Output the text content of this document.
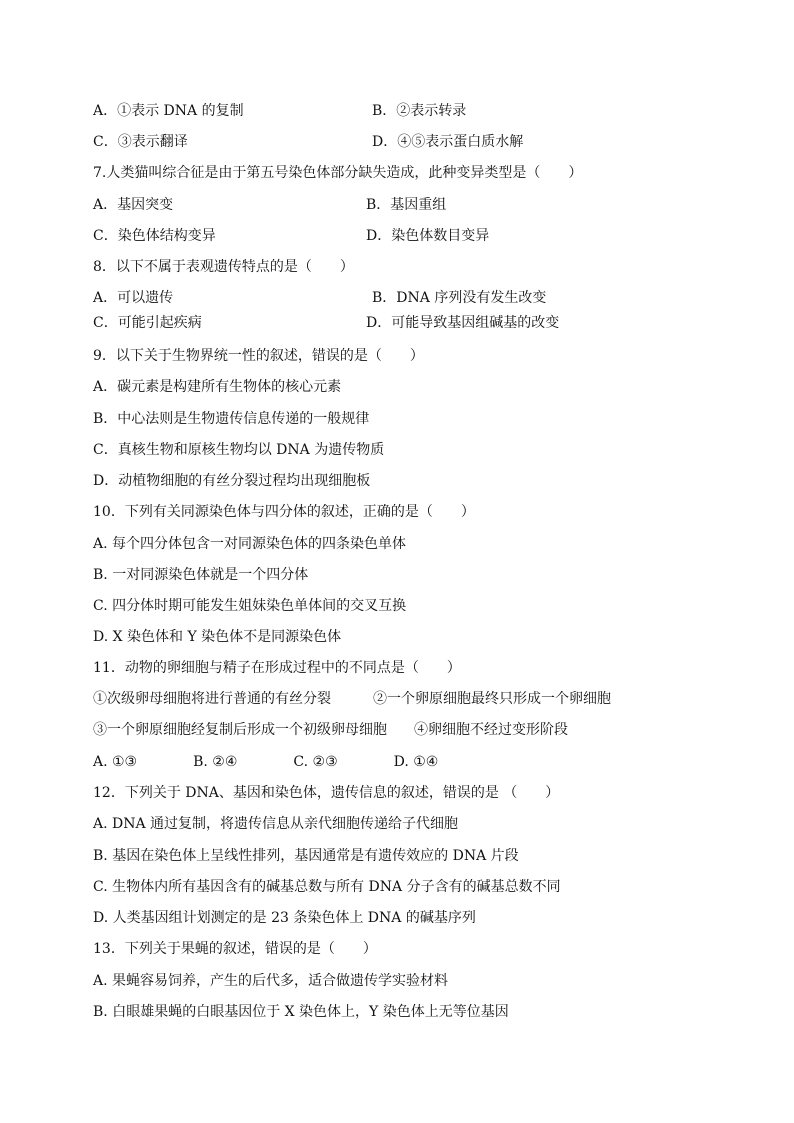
A．①表示 DNA 的复制	B．②表示转录
C．③表示翻译	D．④⑤表示蛋白质水解
7.人类猫叫综合征是由于第五号染色体部分缺失造成，此种变异类型是（　　）
A．基因突变	B．基因重组
C．染色体结构变异	D．染色体数目变异
8．以下不属于表观遗传特点的是（　　）
A．可以遗传	B．DNA 序列没有发生改变
C．可能引起疾病	D．可能导致基因组碱基的改变
9．以下关于生物界统一性的叙述，错误的是（　　）
A．碳元素是构建所有生物体的核心元素
B．中心法则是生物遗传信息传递的一般规律
C．真核生物和原核生物均以 DNA 为遗传物质
D．动植物细胞的有丝分裂过程均出现细胞板
10．下列有关同源染色体与四分体的叙述，正确的是（　　）
A. 每个四分体包含一对同源染色体的四条染色单体
B. 一对同源染色体就是一个四分体
C. 四分体时期可能发生姐妹染色单体间的交叉互换
D. X 染色体和 Y 染色体不是同源染色体
11．动物的卵细胞与精子在形成过程中的不同点是（　　）
①次级卵母细胞将进行普通的有丝分裂	②一个卵原细胞最终只形成一个卵细胞
③一个卵原细胞经复制后形成一个初级卵母细胞 ④卵细胞不经过变形阶段
A. ①③　　　　B. ②④　　　　C. ②③　　　　D. ①④
12．下列关于 DNA、基因和染色体，遗传信息的叙述，错误的是 （　　）
A. DNA 通过复制，将遗传信息从亲代细胞传递给子代细胞
B. 基因在染色体上呈线性排列，基因通常是有遗传效应的 DNA 片段
C. 生物体内所有基因含有的碱基总数与所有 DNA 分子含有的碱基总数不同
D. 人类基因组计划测定的是 23 条染色体上 DNA 的碱基序列
13．下列关于果蝇的叙述，错误的是（　　）
A. 果蝇容易饲养，产生的后代多，适合做遗传学实验材料
B. 白眼雄果蝇的白眼基因位于 X 染色体上，Y 染色体上无等位基因
